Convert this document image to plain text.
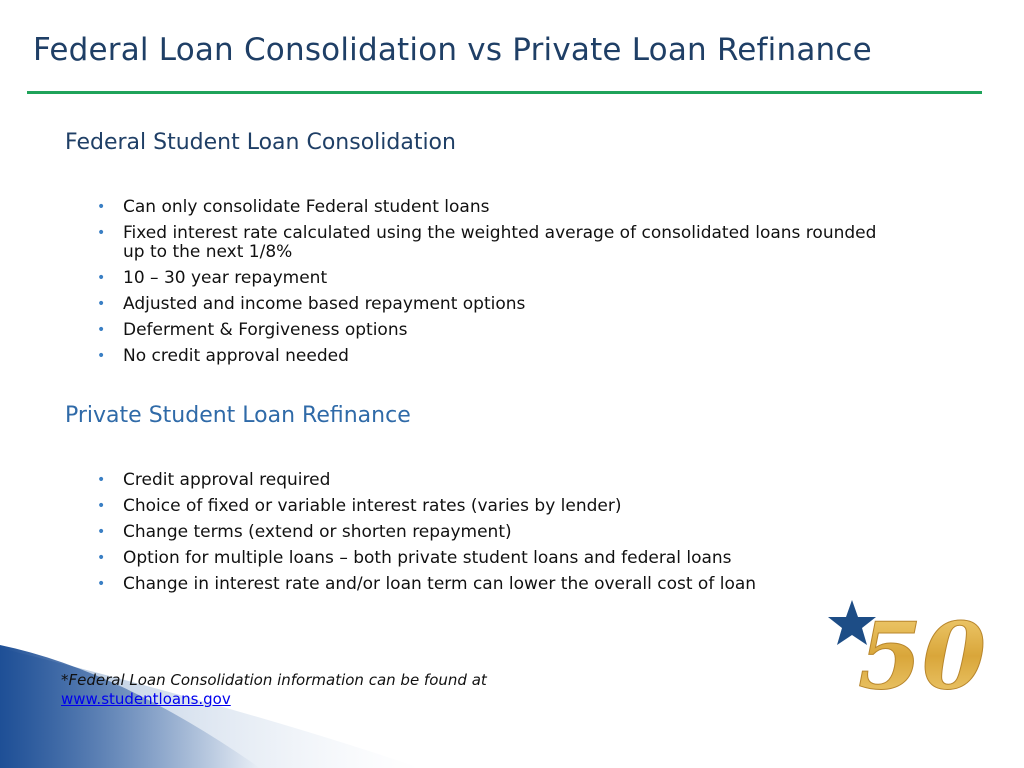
Federal Loan Consolidation vs Private Loan Refinance
Federal Student Loan Consolidation
• Can only consolidate Federal student loans
• Fixed interest rate calculated using the weighted average of consolidated loans rounded up to the next 1/8%
• 10 – 30 year repayment
• Adjusted and income based repayment options
• Deferment & Forgiveness options
• No credit approval needed
Private Student Loan Refinance
• Credit approval required
• Choice of fixed or variable interest rates (varies by lender)
• Change terms (extend or shorten repayment)
• Option for multiple loans – both private student loans and federal loans
• Change in interest rate and/or loan term can lower the overall cost of loan
*Federal Loan Consolidation information can be found at
www.studentloans.gov	50
